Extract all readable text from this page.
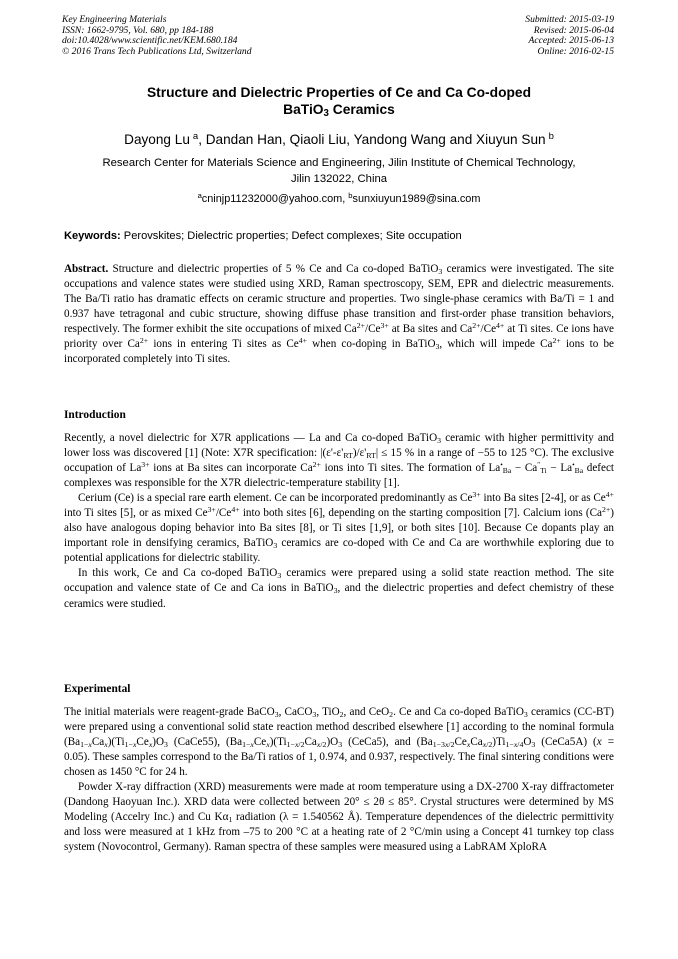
Key Engineering Materials
ISSN: 1662-9795, Vol. 680, pp 184-188
doi:10.4028/www.scientific.net/KEM.680.184
© 2016 Trans Tech Publications Ltd, Switzerland
Submitted: 2015-03-19
Revised: 2015-06-04
Accepted: 2015-06-13
Online: 2016-02-15
Structure and Dielectric Properties of Ce and Ca Co-doped
BaTiO$_3$ Ceramics
Dayong Lu $^a$, Dandan Han, Qiaoli Liu, Yandong Wang and Xiuyun Sun $^b$
Research Center for Materials Science and Engineering, Jilin Institute of Chemical Technology,
Jilin 132022, China
$^a$cninjp11232000@yahoo.com, $^b$sunxiuyun1989@sina.com
Keywords: Perovskites; Dielectric properties; Defect complexes; Site occupation

Abstract. Structure and dielectric properties of 5 % Ce and Ca co-doped BaTiO$_3$ ceramics were investigated. The site occupations and valence states were studied using XRD, Raman spectroscopy, SEM, EPR and dielectric measurements. The Ba/Ti ratio has dramatic effects on ceramic structure and properties. Two single-phase ceramics with Ba/Ti = 1 and 0.937 have tetragonal and cubic structure, showing diffuse phase transition and first-order phase transition behaviors, respectively. The former exhibit the site occupations of mixed $Ca^{2+}/Ce^{3+}$ at Ba sites and $Ca^{2+}/Ce^{4+}$ at Ti sites. Ce ions have priority over $Ca^{2+}$ ions in entering Ti sites as $Ce^{4+}$ when co-doping in BaTiO$_3$, which will impede $Ca^{2+}$ ions to be incorporated completely into Ti sites.

Introduction

Recently, a novel dielectric for X7R applications — La and Ca co-doped BaTiO$_3$ ceramic with higher permittivity and lower loss was discovered [1] (Note: X7R specification: $|(\varepsilon'-\varepsilon'_{RT})/\varepsilon'_{RT}| \le 15$ % in a range of −55 to 125 °C). The exclusive occupation of $La^{3+}$ ions at Ba sites can incorporate $Ca^{2+}$ ions into Ti sites. The formation of $La^•_{Ba} - Ca''_{Ti} - La^•_{Ba}$ defect complexes was responsible for the X7R dielectric-temperature stability [1].

Cerium (Ce) is a special rare earth element. Ce can be incorporated predominantly as $Ce^{3+}$ into Ba sites [2-4], or as $Ce^{4+}$ into Ti sites [5], or as mixed $Ce^{3+}/Ce^{4+}$ into both sites [6], depending on the starting composition [7]. Calcium ions $(Ca^{2+})$ also have analogous doping behavior into Ba sites [8], or Ti sites [1,9], or both sites [10]. Because Ce dopants play an important role in densifying ceramics, BaTiO$_3$ ceramics are co-doped with Ce and Ca are worthwhile exploring due to potential applications for dielectric stability.

In this work, Ce and Ca co-doped BaTiO$_3$ ceramics were prepared using a solid state reaction method. The site occupation and valence state of Ce and Ca ions in BaTiO$_3$, and the dielectric properties and defect chemistry of these ceramics were studied.

Experimental

The initial materials were reagent-grade BaCO$_3$, CaCO$_3$, TiO$_2$, and CeO$_2$. Ce and Ca co-doped BaTiO$_3$ ceramics (CC-BT) were prepared using a conventional solid state reaction method described elsewhere [1] according to the nominal formula $(Ba_{1-x}Ca_x)(Ti_{1-x}Ce_x)O_3$ (CaCe55), $(Ba_{1-x}Ce_x)(Ti_{1-x/2}Ca_{x/2})O_3$ (CeCa5), and $(Ba_{1-3x/2}Ce_xCa_{x/2})Ti_{1-x/4}O_3$ (CeCa5A) (x = 0.05). These samples correspond to the Ba/Ti ratios of 1, 0.974, and 0.937, respectively. The final sintering conditions were chosen as 1450 °C for 24 h.

Powder X-ray diffraction (XRD) measurements were made at room temperature using a DX-2700 X-ray diffractometer (Dandong Haoyuan Inc.). XRD data were collected between 20° ≤ 2θ ≤ 85°. Crystal structures were determined by MS Modeling (Accelry Inc.) and Cu $K\alpha_1$ radiation (λ = 1.540562 Å). Temperature dependences of the dielectric permittivity and loss were measured at 1 kHz from –75 to 200 °C at a heating rate of 2 °C/min using a Concept 41 turnkey top class system (Novocontrol, Germany). Raman spectra of these samples were measured using a LabRAM XploRA
